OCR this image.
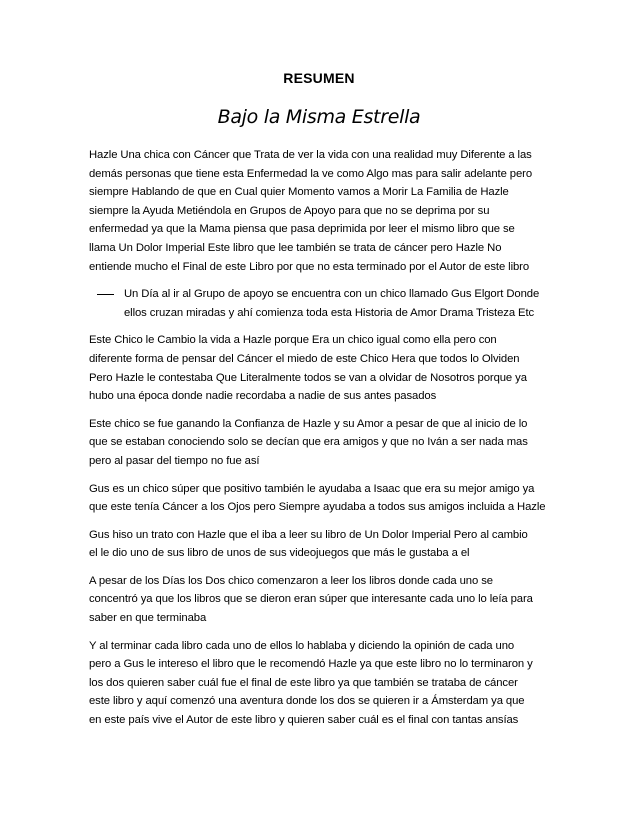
RESUMEN
Bajo la Misma Estrella

Hazle Una chica con Cáncer que Trata de ver la vida con una realidad muy Diferente a las
demás personas que tiene esta Enfermedad la ve como Algo mas para salir adelante pero
siempre Hablando de que en Cual quier Momento vamos a Morir La Familia de Hazle
siempre la Ayuda Metiéndola en Grupos de Apoyo para que no se deprima por su
enfermedad ya que la Mama piensa que pasa deprimida por leer el mismo libro que se
llama Un Dolor Imperial Este libro que lee también se trata de cáncer pero Hazle No
entiende mucho el Final de este Libro por que no esta terminado por el Autor de este libro

Un Día al ir al Grupo de apoyo se encuentra con un chico llamado Gus Elgort Donde
ellos cruzan miradas y ahí comienza toda esta Historia de Amor Drama Tristeza Etc

Este Chico le Cambio la vida a Hazle porque Era un chico igual como ella pero con
diferente forma de pensar del Cáncer el miedo de este Chico Hera que todos lo Olviden
Pero Hazle le contestaba Que Literalmente todos se van a olvidar de Nosotros porque ya
hubo una época donde nadie recordaba a nadie de sus antes pasados

Este chico se fue ganando la Confianza de Hazle y su Amor a pesar de que al inicio de lo
que se estaban conociendo solo se decían que era amigos y que no Iván a ser nada mas
pero al pasar del tiempo no fue así

Gus es un chico súper que positivo también le ayudaba a Isaac que era su mejor amigo ya
que este tenía Cáncer a los Ojos pero Siempre ayudaba a todos sus amigos incluida a Hazle

Gus hiso un trato con Hazle que el iba a leer su libro de Un Dolor Imperial Pero al cambio
el le dio uno de sus libro de unos de sus videojuegos que más le gustaba a el

A pesar de los Días los Dos chico comenzaron a leer los libros donde cada uno se
concentró ya que los libros que se dieron eran súper que interesante cada uno lo leía para
saber en que terminaba

Y al terminar cada libro cada uno de ellos lo hablaba y diciendo la opinión de cada uno
pero a Gus le intereso el libro que le recomendó Hazle ya que este libro no lo terminaron y
los dos quieren saber cuál fue el final de este libro ya que también se trataba de cáncer
este libro y aquí comenzó una aventura donde los dos se quieren ir a Ámsterdam ya que
en este país vive el Autor de este libro y quieren saber cuál es el final con tantas ansías
